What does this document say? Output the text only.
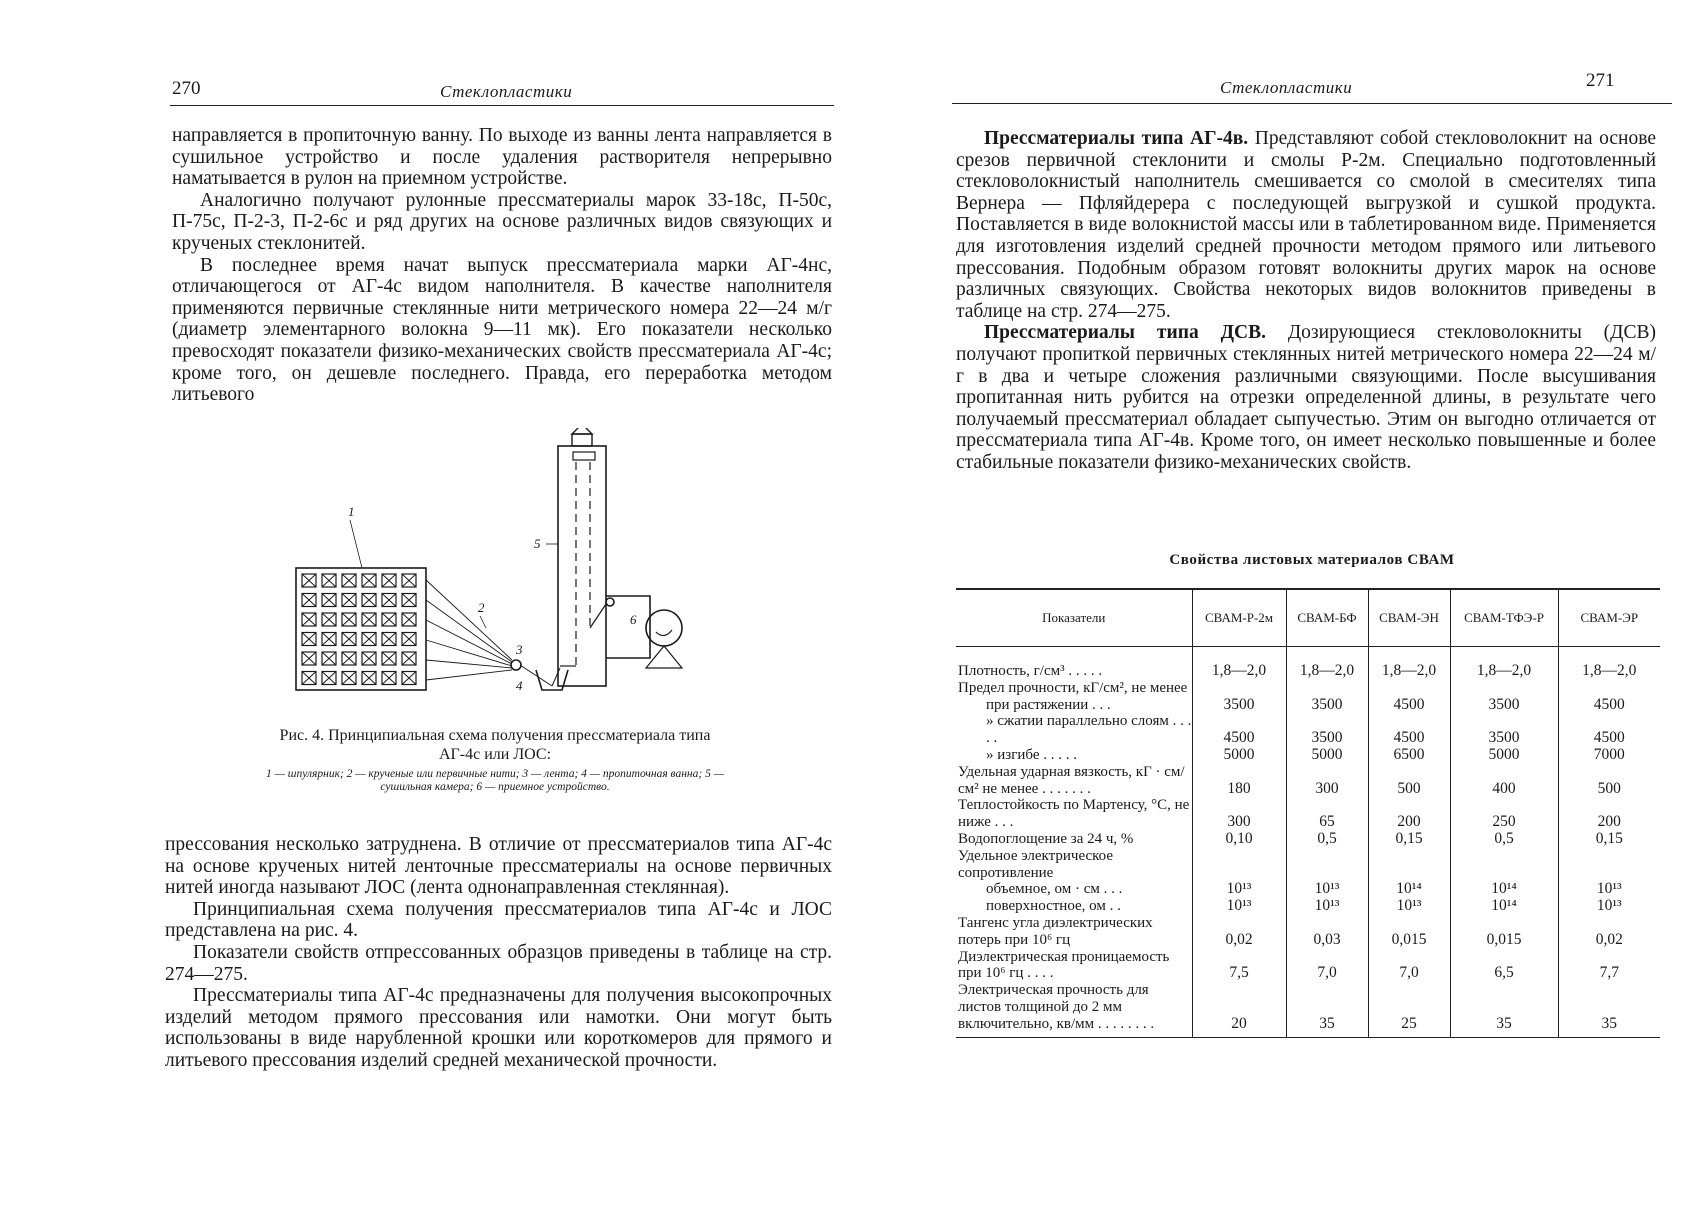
270	Стеклопластики

направляется в пропиточную ванну. По выходе из ванны лента направляется в сушильное устройство и после удаления растворителя непрерывно наматывается в рулон на приемном устройстве.

Аналогично получают рулонные прессматериалы марок 33-18с, П-50с, П-75с, П-2-3, П-2-6с и ряд других на основе различных видов связующих и крученых стеклонитей.

В последнее время начат выпуск прессматериала марки АГ-4нс, отличающегося от АГ-4с видом наполнителя. В качестве наполнителя применяются первичные стеклянные нити метрического номера 22—24 м/г (диаметр элементарного волокна 9—11 мк). Его показатели несколько превосходят показатели физико-механических свойств прессматериала АГ-4с; кроме того, он дешевле последнего. Правда, его переработка методом литьевого

1
2
3
4
5
6
Рис. 4. Принципиальная схема получения прессматериала типа АГ-4с или ЛОС:
1 — шпулярник; 2 — крученые или первичные нити; 3 — лента; 4 — пропиточная ванна; 5 — сушильная камера; 6 — приемное устройство.

прессования несколько затруднена. В отличие от прессматериалов типа АГ-4с на основе крученых нитей ленточные прессматериалы на основе первичных нитей иногда называют ЛОС (лента однонаправленная стеклянная).

Принципиальная схема получения прессматериалов типа АГ-4с и ЛОС представлена на рис. 4.

Показатели свойств отпрессованных образцов приведены в таблице на стр. 274—275.

Прессматериалы типа АГ-4с предназначены для получения высокопрочных изделий методом прямого прессования или намотки. Они могут быть использованы в виде нарубленной крошки или короткомеров для прямого и литьевого прессования изделий средней механической прочности.

271
Стеклопластики

Прессматериалы типа АГ-4в. Представляют собой стекловолокнит на основе срезов первичной стеклонити и смолы Р-2м. Специально подготовленный стекловолокнистый наполнитель смешивается со смолой в смесителях типа Вернера — Пфляйдерера с последующей выгрузкой и сушкой продукта. Поставляется в виде волокнистой массы или в таблетированном виде. Применяется для изготовления изделий средней прочности методом прямого или литьевого прессования. Подобным образом готовят волокниты других марок на основе различных связующих. Свойства некоторых видов волокнитов приведены в таблице на стр. 274—275.

Прессматериалы типа ДСВ. Дозирующиеся стекловолокниты (ДСВ) получают пропиткой первичных стеклянных нитей метрического номера 22—24 м/г в два и четыре сложения различными связующими. После высушивания пропитанная нить рубится на отрезки определенной длины, в результате чего получаемый прессматериал обладает сыпучестью. Этим он выгодно отличается от прессматериала типа АГ-4в. Кроме того, он имеет несколько повышенные и более стабильные показатели физико-механических свойств.

Свойства листовых материалов СВАМ
Показатели	СВАМ-Р-2м	СВАМ-БФ	СВАМ-ЭН	СВАМ-ТФЭ-Р	СВАМ-ЭР
Плотность, г/см³ . . . . .	1,8—2,0	1,8—2,0	1,8—2,0	1,8—2,0	1,8—2,0
Предел прочности, кГ/см², не менее					
при растяжении . . .	3500	3500	4500	3500	4500
» сжатии параллельно слоям . . . . .	4500	3500	4500	3500	4500
» изгибе . . . . .	5000	5000	6500	5000	7000
Удельная ударная вязкость, кГ · см/см² не менее . . . . . . .	180	300	500	400	500
Теплостойкость по Мартенсу, °С, не ниже . . .	300	65	200	250	200
Водопоглощение за 24 ч, %	0,10	0,5	0,15	0,5	0,15
Удельное электрическое сопротивление					
объемное, ом · см . . .	10¹³	10¹³	10¹⁴	10¹⁴	10¹³
поверхностное, ом . .	10¹³	10¹³	10¹³	10¹⁴	10¹³
Тангенс угла диэлектрических потерь при 10⁶ гц	0,02	0,03	0,015	0,015	0,02
Диэлектрическая проницаемость при 10⁶ гц . . . .	7,5	7,0	7,0	6,5	7,7
Электрическая прочность для листов толщиной до 2 мм включительно, кв/мм . . . . . . . .	20	35	25	35	35
